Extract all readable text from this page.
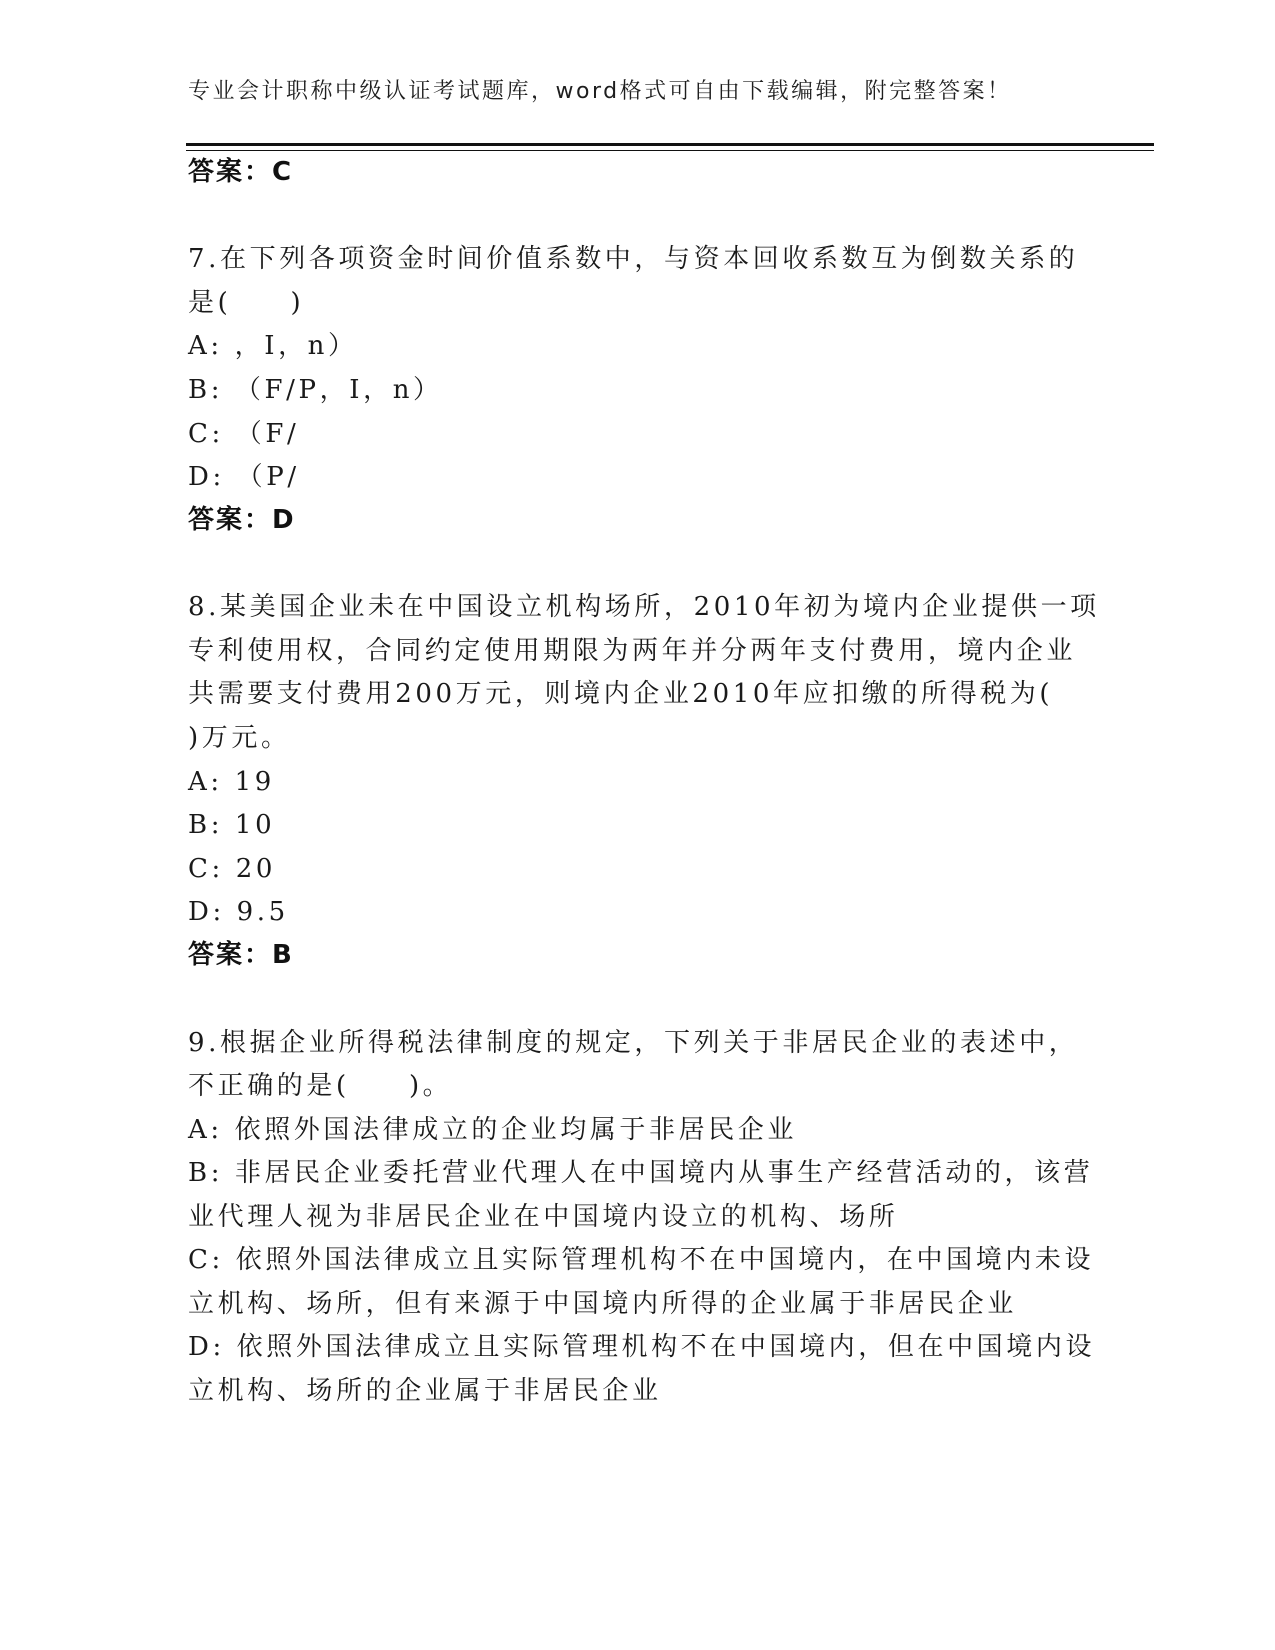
专业会计职称中级认证考试题库，word格式可自由下载编辑，附完整答案！
答案：C
7.在下列各项资金时间价值系数中，与资本回收系数互为倒数关系的
是(　　)
A: ，I，n）
B: （F/P，I，n）
C: （F/
D: （P/
答案：D
8.某美国企业未在中国设立机构场所，2010年初为境内企业提供一项
专利使用权，合同约定使用期限为两年并分两年支付费用，境内企业
共需要支付费用200万元，则境内企业2010年应扣缴的所得税为(
)万元。
A: 19
B: 10
C: 20
D: 9.5
答案：B
9.根据企业所得税法律制度的规定，下列关于非居民企业的表述中，
不正确的是(　　)。
A: 依照外国法律成立的企业均属于非居民企业
B: 非居民企业委托营业代理人在中国境内从事生产经营活动的，该营
业代理人视为非居民企业在中国境内设立的机构、场所
C: 依照外国法律成立且实际管理机构不在中国境内，在中国境内未设
立机构、场所，但有来源于中国境内所得的企业属于非居民企业
D: 依照外国法律成立且实际管理机构不在中国境内，但在中国境内设
立机构、场所的企业属于非居民企业
